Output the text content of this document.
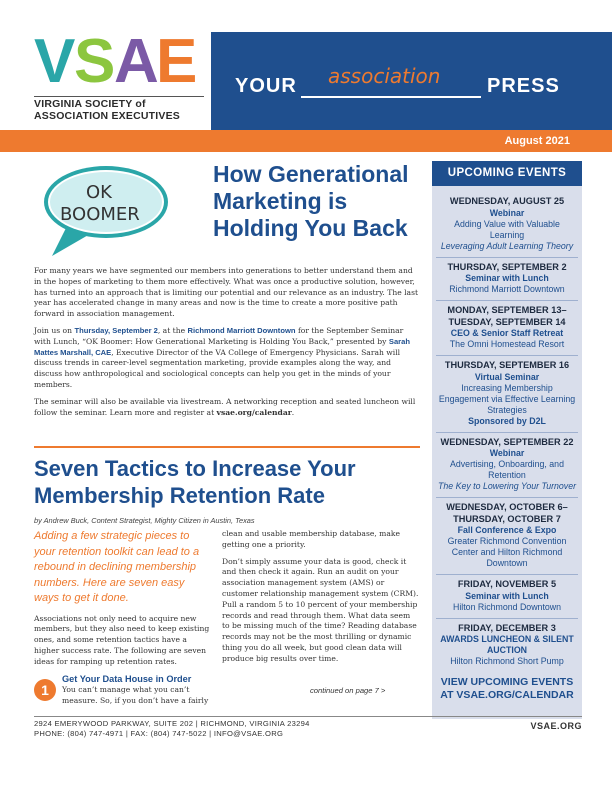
V S A E
VIRGINIA SOCIETY of
ASSOCIATION EXECUTIVES
YOUR association PRESS
August 2021
OK
BOOMER
How Generational Marketing is Holding You Back

For many years we have segmented our members into generations to better understand them and in the hopes of marketing to them more effectively. What was once a productive solution, however, has turned into an approach that is limiting our potential and our relevance as an industry. The last year has accelerated change in many areas and now is the time to create a more positive path forward in association management.

Join us on Thursday, September 2, at the Richmond Marriott Downtown for the September Seminar with Lunch, “OK Boomer: How Generational Marketing is Holding You Back,” presented by Sarah Mattes Marshall, CAE, Executive Director of the VA College of Emergency Physicians. Sarah will discuss trends in career-level segmentation marketing, provide examples along the way, and discuss how anthropological and sociological concepts can help you get in the minds of your members.

The seminar will also be available via livestream. A networking reception and seated luncheon will follow the seminar. Learn more and register at vsae.org/calendar.

Seven Tactics to Increase Your Membership Retention Rate
by Andrew Buck, Content Strategist, Mighty Citizen in Austin, Texas
Adding a few strategic pieces to your retention toolkit can lead to a rebound in declining membership numbers. Here are seven easy ways to get it done.

Associations not only need to acquire new members, but they also need to keep existing ones, and some retention tactics have a higher success rate. The following are seven ideas for ramping up retention rates.

1
Get Your Data House in Order

You can’t manage what you can’t measure. So, if you don’t have a fairly

clean and usable membership database, make getting one a priority.

Don’t simply assume your data is good, check it and then check it again. Run an audit on your association management system (AMS) or customer relationship management system (CRM). Pull a random 5 to 10 percent of your membership records and read through them. What data seem to be missing much of the time? Reading database records may not be the most thrilling or dynamic thing you do all week, but good clean data will produce big results over time.

continued on page 7 >
UPCOMING EVENTS
WEDNESDAY, AUGUST 25
Webinar
Adding Value with Valuable Learning
Leveraging Adult Learning Theory
THURSDAY, SEPTEMBER 2
Seminar with Lunch
Richmond Marriott Downtown
MONDAY, SEPTEMBER 13– TUESDAY, SEPTEMBER 14
CEO & Senior Staff Retreat
The Omni Homestead Resort
THURSDAY, SEPTEMBER 16
Virtual Seminar
Increasing Membership Engagement via Effective Learning Strategies
Sponsored by D2L
WEDNESDAY, SEPTEMBER 22
Webinar
Advertising, Onboarding, and Retention
The Key to Lowering Your Turnover
WEDNESDAY, OCTOBER 6– THURSDAY, OCTOBER 7
Fall Conference & Expo
Greater Richmond Convention Center and Hilton Richmond Downtown
FRIDAY, NOVEMBER 5
Seminar with Lunch
Hilton Richmond Downtown
FRIDAY, DECEMBER 3
AWARDS LUNCHEON & SILENT AUCTION
Hilton Richmond Short Pump
VIEW UPCOMING EVENTS AT VSAE.ORG/CALENDAR
2924 EMERYWOOD PARKWAY, SUITE 202 | RICHMOND, VIRGINIA 23294
PHONE: (804) 747-4971 | FAX: (804) 747-5022 | INFO@VSAE.ORG
VSAE.ORG
